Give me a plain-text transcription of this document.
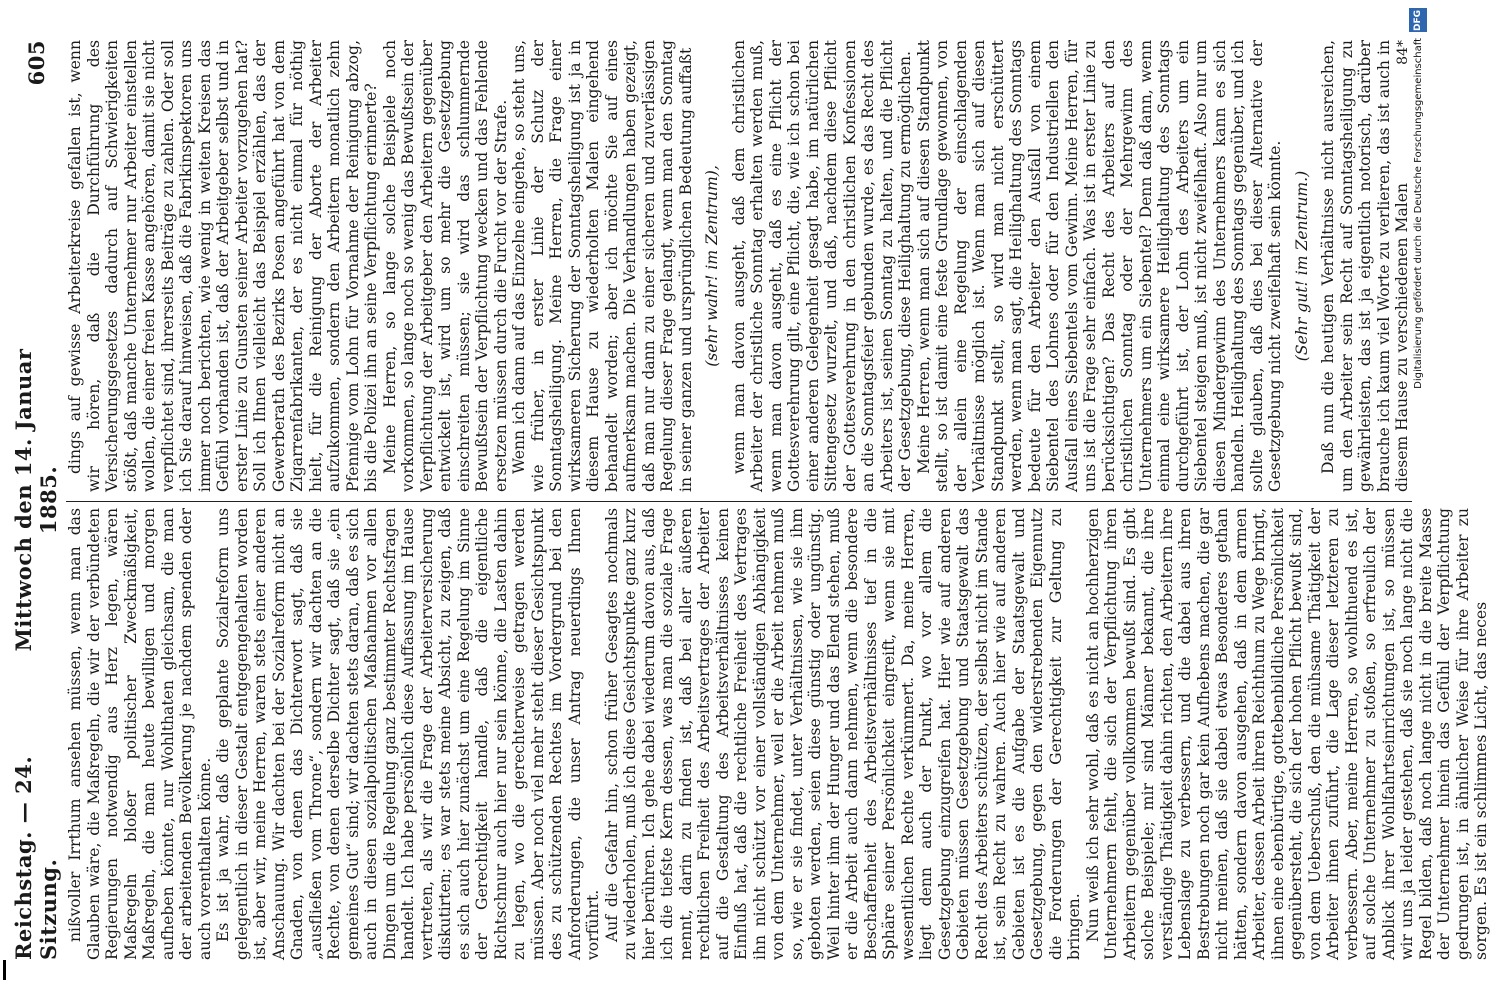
Reichstag. — 24. Sitzung.
Mittwoch den 14. Januar 1885.
605

nißvoller Irrthum ansehen müssen, wenn man das Glauben wäre, die Maßregeln, die wir der verbündeten Regierungen notwendig aus Herz legen, wären Maßregeln bloßer politischer Zweckmäßigkeit, Maßregeln, die man heute bewilligen und morgen aufheben könnte, nur Wohlthaten gleichsam, die man der arbeitenden Bevölkerung je nachdem spenden oder auch vorenthalten könne. Es ist ja wahr, daß die geplante Sozialreform uns gelegentlich in dieser Gestalt entgegengehalten worden ist, aber wir, meine Herren, waren stets einer anderen Anschauung. Wir dachten bei der Sozialreform nicht an Gnaden, von denen das Dichterwort sagt, daß sie „ausfließen vom Throne“, sondern wir dachten an die Rechte, von denen derselbe Dichter sagt, daß sie „ein gemeines Gut“ sind; wir dachten stets daran, daß es sich auch in diesen sozialpolitischen Maßnahmen vor allen Dingen um die Regelung ganz bestimmter Rechtsfragen handelt. Ich habe persönlich diese Auffassung im Hause vertreten, als wir die Frage der Arbeiterversicherung diskutirten; es war stets meine Absicht, zu zeigen, daß es sich auch hier zunächst um eine Regelung im Sinne der Gerechtigkeit handle, daß die eigentliche Richtschnur auch hier nur sein könne, die Lasten dahin zu legen, wo die gerechterweise getragen werden müssen. Aber noch viel mehr steht dieser Gesichtspunkt des zu schützenden Rechtes im Vordergrund bei den Anforderungen, die unser Antrag neuerdings Ihnen vorführt. Auf die Gefahr hin, schon früher Gesagtes nochmals zu wiederholen, muß ich diese Gesichtspunkte ganz kurz hier berühren. Ich gehe dabei wiederum davon aus, daß ich die tiefste Kern dessen, was man die soziale Frage nennt, darin zu finden ist, daß bei aller äußeren rechtlichen Freiheit des Arbeitsvertrages der Arbeiter auf die Gestaltung des Arbeitsverhältnisses keinen Einfluß hat, daß die rechtliche Freiheit des Vertrages ihn nicht schützt vor einer vollständigen Abhängigkeit von dem Unternehmer, weil er die Arbeit nehmen muß so, wie er sie findet, unter Verhältnissen, wie sie ihm geboten werden, seien diese günstig oder ungünstig. Weil hinter ihm der Hunger und das Elend stehen, muß er die Arbeit auch dann nehmen, wenn die besondere Beschaffenheit des Arbeitsverhältnisses tief in die Sphäre seiner Persönlichkeit eingreift, wenn sie mit wesentlichen Rechte verkümmert. Da, meine Herren, liegt denn auch der Punkt, wo vor allem die Gesetzgebung einzugreifen hat. Hier wie auf anderen Gebieten müssen Gesetzgebung und Staatsgewalt das Recht des Arbeiters schützen, der selbst nicht im Stande ist, sein Recht zu wahren. Auch hier wie auf anderen Gebieten ist es die Aufgabe der Staatsgewalt und Gesetzgebung, gegen den widerstrebenden Eigennutz die Forderungen der Gerechtigkeit zur Geltung zu bringen. Nun weiß ich sehr wohl, daß es nicht an hochherzigen Unternehmern fehlt, die sich der Verpflichtung ihren Arbeitern gegenüber vollkommen bewußt sind. Es gibt solche Beispiele; mir sind Männer bekannt, die ihre verständige Thätigkeit dahin richten, den Arbeitern ihre Lebenslage zu verbessern, und die dabei aus ihren Bestrebungen noch gar kein Aufhebens machen, die gar nicht meinen, daß sie dabei etwas Besonderes gethan hätten, sondern davon ausgehen, daß in dem armen Arbeiter, dessen Arbeit ihren Reichthum zu Wege bringt, ihnen eine ebenbürtige, gottebenbildliche Persönlichkeit gegenübersteht, die sich der hohen Pflicht bewußt sind, von dem Ueberschuß, den die mühsame Thätigkeit der Arbeiter ihnen zuführt, die Lage dieser letzteren zu verbessern. Aber, meine Herren, so wohlthuend es ist, auf solche Unternehmer zu stoßen, so erfreulich der Anblick ihrer Wohlfahrtseinrichtungen ist, so müssen wir uns ja leider gestehen, daß sie noch lange nicht die Regel bilden, daß noch lange nicht in die breite Masse der Unternehmer hinein das Gefühl der Verpflichtung gedrungen ist, in ähnlicher Weise für ihre Arbeiter zu sorgen. Es ist ein schlimmes Licht, das neces

dings auf gewisse Arbeiterkreise gefallen ist, wenn wir hören, daß die Durchführung des Versicherungsgesetzes dadurch auf Schwierigkeiten stößt, daß manche Unternehmer nur Arbeiter einstellen wollen, die einer freien Kasse angehören, damit sie nicht verpflichtet sind, ihrerseits Beiträge zu zahlen. Oder soll ich Sie darauf hinweisen, daß die Fabrikinspektoren uns immer noch berichten, wie wenig in weiten Kreisen das Gefühl vorhanden ist, daß der Arbeitgeber selbst und in erster Linie zu Gunsten seiner Arbeiter vorzugehen hat? Soll ich Ihnen vielleicht das Beispiel erzählen, das der Gewerberath des Bezirks Posen angeführt hat von dem Zigarrenfabrikanten, der es nicht einmal für nöthig hielt, für die Reinigung der Aborte der Arbeiter aufzukommen, sondern den Arbeitern monatlich zehn Pfennige vom Lohn für Vornahme der Reinigung abzog, bis die Polizei ihn an seine Verpflichtung erinnerte? Meine Herren, so lange solche Beispiele noch vorkommen, so lange noch so wenig das Bewußtsein der Verpflichtung der Arbeitgeber den Arbeitern gegenüber entwickelt ist, wird um so mehr die Gesetzgebung einschreiten müssen; sie wird das schlummernde Bewußtsein der Verpflichtung wecken und das Fehlende ersetzen müssen durch die Furcht vor der Strafe. Wenn ich dann auf das Einzelne eingehe, so steht uns, wie früher, in erster Linie der Schutz der Sonntagsheiligung. Meine Herren, die Frage einer wirksameren Sicherung der Sonntagsheiligung ist ja in diesem Hause zu wiederholten Malen eingehend behandelt worden; aber ich möchte Sie auf eines aufmerksam machen. Die Verhandlungen haben gezeigt, daß man nur dann zu einer sicheren und zuverlässigen Regelung dieser Frage gelangt, wenn man den Sonntag in seiner ganzen und ursprünglichen Bedeutung auffaßt (sehr wahr! im Zentrum), wenn man davon ausgeht, daß dem christlichen Arbeiter der christliche Sonntag erhalten werden muß, wenn man davon ausgeht, daß es eine Pflicht der Gottesverehrung gilt, eine Pflicht, die, wie ich schon bei einer anderen Gelegenheit gesagt habe, im natürlichen Sittengesetz wurzelt, und daß, nachdem diese Pflicht der Gottesverehrung in den christlichen Konfessionen an die Sonntagsfeier gebunden wurde, es das Recht des Arbeiters ist, seinen Sonntag zu halten, und die Pflicht der Gesetzgebung, diese Heilighaltung zu ermöglichen. Meine Herren, wenn man sich auf diesen Standpunkt stellt, so ist damit eine feste Grundlage gewonnen, von der allein eine Regelung der einschlagenden Verhältnisse möglich ist. Wenn man sich auf diesen Standpunkt stellt, so wird man nicht erschüttert werden, wenn man sagt, die Heilighaltung des Sonntags bedeute für den Arbeiter den Ausfall von einem Siebentel des Lohnes oder für den Industriellen den Ausfall eines Siebentels vom Gewinn. Meine Herren, für uns ist die Frage sehr einfach. Was ist in erster Linie zu berücksichtigen? Das Recht des Arbeiters auf den christlichen Sonntag oder der Mehrgewinn des Unternehmers um ein Siebentel? Denn daß dann, wenn einmal eine wirksamere Heilighaltung des Sonntags durchgeführt ist, der Lohn des Arbeiters um ein Siebentel steigen muß, ist nicht zweifelhaft. Also nur um diesen Mindergewinn des Unternehmers kann es sich handeln. Heilighaltung des Sonntags gegenüber, und ich sollte glauben, daß dies bei dieser Alternative der Gesetzgebung nicht zweifelhaft sein könnte. (Sehr gut! im Zentrum.) Daß nun die heutigen Verhältnisse nicht ausreichen, um den Arbeiter sein Recht auf Sonntagsheiligung zu gewährleisten, das ist ja eigentlich notorisch, darüber brauche ich kaum viel Worte zu verlieren, das ist auch in diesem Hause zu verschiedenen Malen

84*
DFG
Digitalisierung gefördert durch die Deutsche Forschungsgemeinschaft
